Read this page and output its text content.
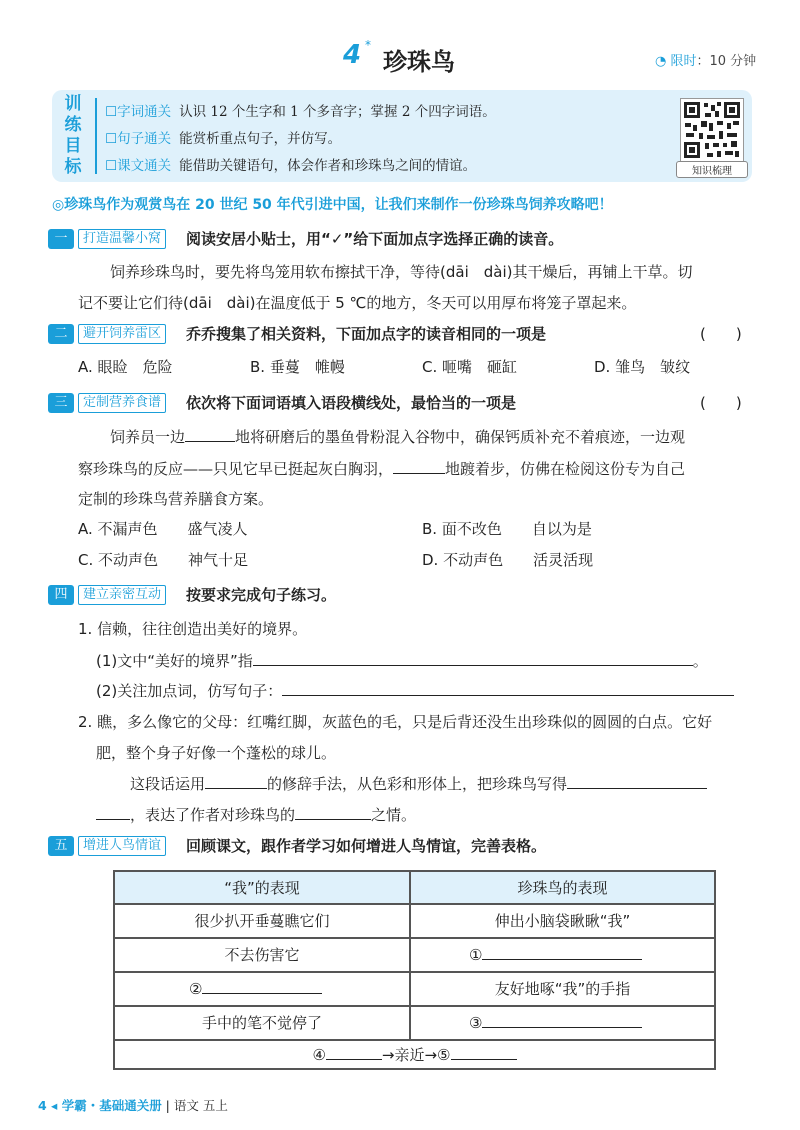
4 *
珍珠鸟	◔ 限时：10 分钟
训
练
目
标
☐字词通关 认识 12 个生字和 1 个多音字；掌握 2 个四字词语。
☐句子通关 能赏析重点句子，并仿写。
☐课文通关 能借助关键语句，体会作者和珍珠鸟之间的情谊。	知识梳理
◎珍珠鸟作为观赏鸟在 20 世纪 50 年代引进中国，让我们来制作一份珍珠鸟饲养攻略吧！
一	打造温馨小窝	阅读安居小贴士，用“✓”给下面加点字选择正确的读音。
饲养珍珠鸟时，要先将鸟笼用软布擦拭干净，等待(dāi　dài)其干燥后，再铺上干草。切
记不要让它们待(dāi　dài)在温度低于 5 ℃的地方，冬天可以用厚布将笼子罩起来。
二	避开饲养雷区	乔乔搜集了相关资料，下面加点字的读音相同的一项是	(　　)
A. 眼睑　危险	B. 垂蔓　帷幔	C. 咂嘴　砸缸	D. 雏鸟　皱纹
三	定制营养食谱	依次将下面词语填入语段横线处，最恰当的一项是	(　　)
饲养员一边	地将研磨后的墨鱼骨粉混入谷物中，确保钙质补充不着痕迹，一边观
察珍珠鸟的反应——只见它早已挺起灰白胸羽，	地踱着步，仿佛在检阅这份专为自己
定制的珍珠鸟营养膳食方案。
A. 不漏声色　　盛气凌人	B. 面不改色　　自以为是
C. 不动声色　　神气十足	D. 不动声色　　活灵活现
四	建立亲密互动	按要求完成句子练习。
1. 信赖，往往创造出美好的境界。
(1)文中“美好的境界”指	。
(2)关注加点词，仿写句子：
2. 瞧，多么像它的父母：红嘴红脚，灰蓝色的毛，只是后背还没生出珍珠似的圆圆的白点。它好
肥，整个身子好像一个蓬松的球儿。
这段话运用	的修辞手法，从色彩和形体上，把珍珠鸟写得
，表达了作者对珍珠鸟的	之情。
五	增进人鸟情谊	回顾课文，跟作者学习如何增进人鸟情谊，完善表格。
“我”的表现	珍珠鸟的表现
很少扒开垂蔓瞧它们	伸出小脑袋瞅瞅“我”
不去伤害它	①
②	友好地啄“我”的手指
手中的笔不觉停了	③
④	→亲近→⑤
4 ◂ 学霸・基础通关册 | 语文 五上
